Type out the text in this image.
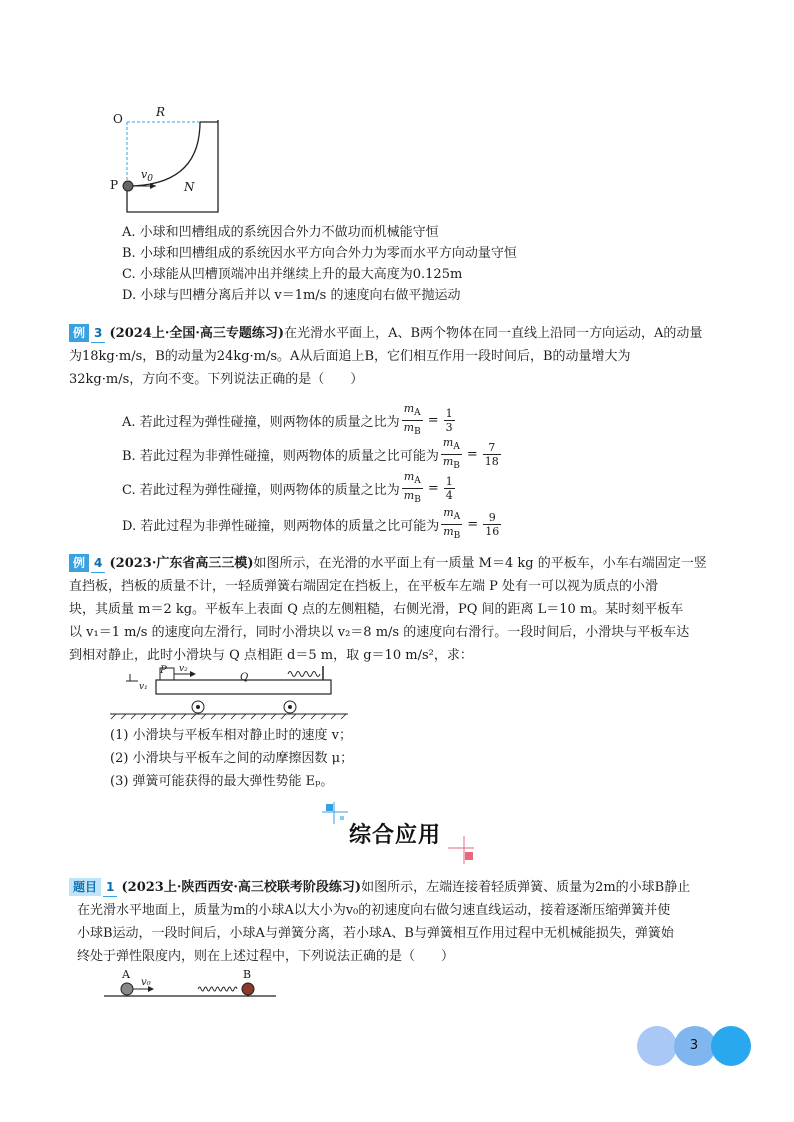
O	R
P	N
$v_0$
A. 小球和凹槽组成的系统因合外力不做功而机械能守恒
B. 小球和凹槽组成的系统因水平方向合外力为零而水平方向动量守恒
C. 小球能从凹槽顶端冲出并继续上升的最大高度为0.125m
D. 小球与凹槽分离后并以 v＝1m/s 的速度向右做平抛运动
例 3 (2024上·全国·高三专题练习)在光滑水平面上，A、B两个物体在同一直线上沿同一方向运动，A的动量
为18kg·m/s，B的动量为24kg·m/s。A从后面追上B，它们相互作用一段时间后，B的动量增大为
32kg·m/s，方向不变。下列说法正确的是（　　）
A. 若此过程为弹性碰撞，则两物体的质量之比为 $\frac{m_A}{m_B} = \frac{1}{3}$
B. 若此过程为非弹性碰撞，则两物体的质量之比可能为 $\frac{m_A}{m_B} = \frac{7}{18}$
C. 若此过程为弹性碰撞，则两物体的质量之比为 $\frac{m_A}{m_B} = \frac{1}{4}$
D. 若此过程为非弹性碰撞，则两物体的质量之比可能为 $\frac{m_A}{m_B} = \frac{9}{16}$
例 4 (2023·广东省高三三模)如图所示，在光滑的水平面上有一质量 M＝4 kg 的平板车，小车右端固定一竖
直挡板，挡板的质量不计，一轻质弹簧右端固定在挡板上，在平板车左端 P 处有一可以视为质点的小滑
块，其质量 m＝2 kg。平板车上表面 Q 点的左侧粗糙，右侧光滑，PQ 间的距离 L＝10 m。某时刻平板车
以 v₁＝1 m/s 的速度向左滑行，同时小滑块以 v₂＝8 m/s 的速度向右滑行。一段时间后，小滑块与平板车达
到相对静止，此时小滑块与 Q 点相距 d＝5 m，取 g＝10 m/s²，求：
v₁
P v₂
Q
(1) 小滑块与平板车相对静止时的速度 v；
(2) 小滑块与平板车之间的动摩擦因数 μ；
(3) 弹簧可能获得的最大弹性势能 Eₚ。
综合应用
题目 1 (2023上·陕西西安·高三校联考阶段练习)如图所示，左端连接着轻质弹簧、质量为2m的小球B静止
在光滑水平地面上，质量为m的小球A以大小为v₀的初速度向右做匀速直线运动，接着逐渐压缩弹簧并使
小球B运动，一段时间后，小球A与弹簧分离，若小球A、B与弹簧相互作用过程中无机械能损失，弹簧始
终处于弹性限度内，则在上述过程中，下列说法正确的是（　　）
A
v₀
B
3
